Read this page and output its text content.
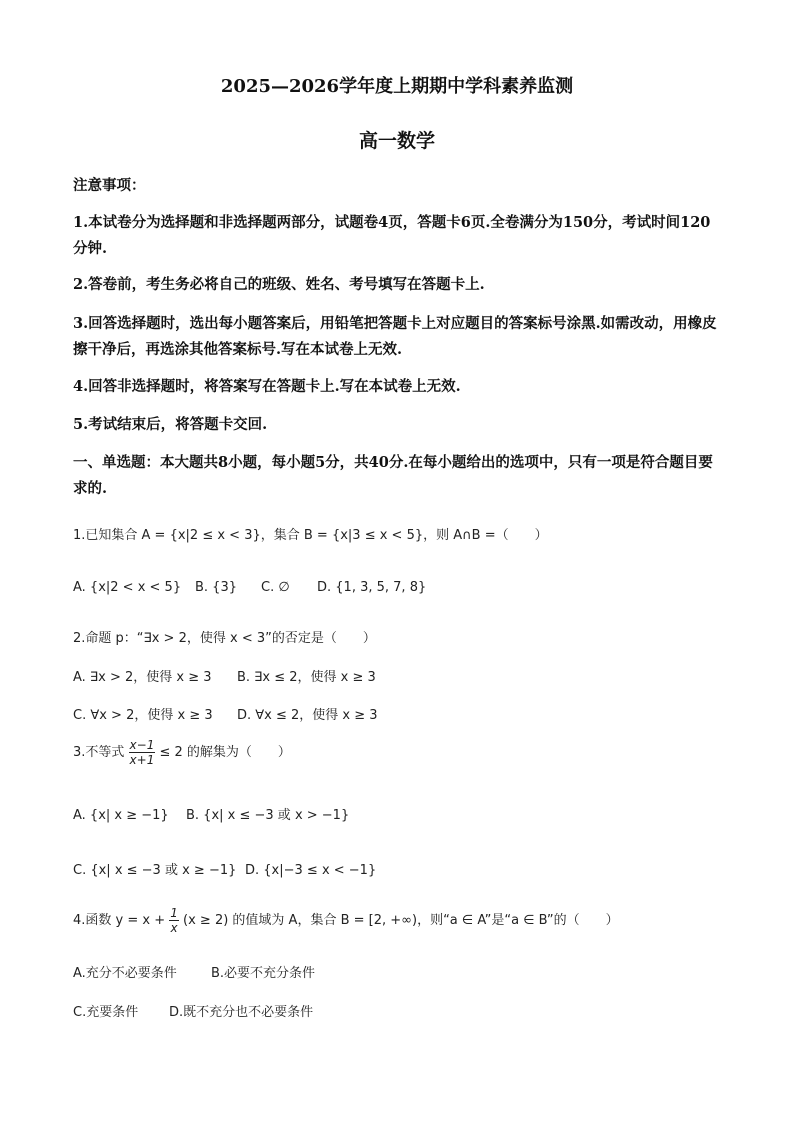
2025—2026学年度上期期中学科素养监测
高一数学
注意事项：
1.本试卷分为选择题和非选择题两部分，试题卷4页，答题卡6页.全卷满分为150分，考试时间120分钟.
2.答卷前，考生务必将自己的班级、姓名、考号填写在答题卡上.
3.回答选择题时，选出每小题答案后，用铅笔把答题卡上对应题目的答案标号涂黑.如需改动，用橡皮擦干净后，再选涂其他答案标号.写在本试卷上无效.
4.回答非选择题时，将答案写在答题卡上.写在本试卷上无效.
5.考试结束后，将答题卡交回.
一、单选题：本大题共8小题，每小题5分，共40分.在每小题给出的选项中，只有一项是符合题目要求的.
1.已知集合 A = {x|2 ≤ x < 3}，集合 B = {x|3 ≤ x < 5}，则 A∩B =（　　）
A. {x|2 < x < 5} B. {3} C. ∅ D. {1, 3, 5, 7, 8}
2.命题 p：“∃x > 2，使得 x < 3”的否定是（　　）
A. ∃x > 2，使得 x ≥ 3 B. ∃x ≤ 2，使得 x ≥ 3
C. ∀x > 2，使得 x ≥ 3 D. ∀x ≤ 2，使得 x ≥ 3
3.不等式 $\frac{x-1}{x+1} \le 2$ 的解集为（　　）
A. {x| x ≥ −1} B. {x| x ≤ −3 或 x > −1}
C. {x| x ≤ −3 或 x ≥ −1} D. {x|−3 ≤ x < −1}
4.函数 $y = x + \frac{1}{x} (x \ge 2)$ 的值域为 A，集合 B = [2, +∞)，则“a ∈ A”是“a ∈ B”的（　　）
A.充分不必要条件	B.必要不充分条件
C.充要条件 D.既不充分也不必要条件
